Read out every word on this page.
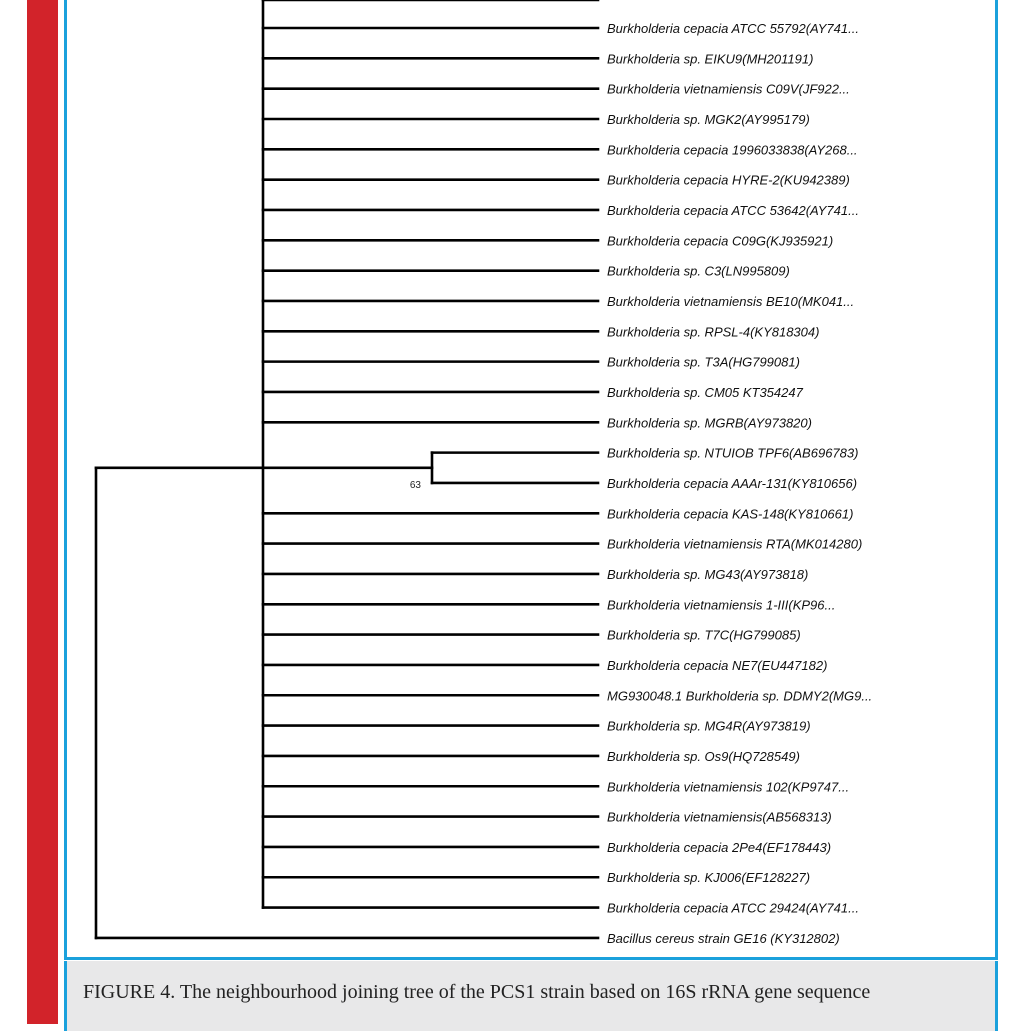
Burkholderia cepacia ATCC 55792(AY741...
Burkholderia sp. EIKU9(MH201191)
Burkholderia vietnamiensis C09V(JF922...
Burkholderia sp. MGK2(AY995179)
Burkholderia cepacia 1996033838(AY268...
Burkholderia cepacia HYRE-2(KU942389)
Burkholderia cepacia ATCC 53642(AY741...
Burkholderia cepacia C09G(KJ935921)
Burkholderia sp. C3(LN995809)
Burkholderia vietnamiensis BE10(MK041...
Burkholderia sp. RPSL-4(KY818304)
Burkholderia sp. T3A(HG799081)
Burkholderia sp. CM05 KT354247
Burkholderia sp. MGRB(AY973820)
Burkholderia sp. NTUIOB TPF6(AB696783)
Burkholderia cepacia AAAr-131(KY810656)
Burkholderia cepacia KAS-148(KY810661)
Burkholderia vietnamiensis RTA(MK014280)
Burkholderia sp. MG43(AY973818)
Burkholderia vietnamiensis 1-III(KP96...
Burkholderia sp. T7C(HG799085)
Burkholderia cepacia NE7(EU447182)
MG930048.1 Burkholderia sp. DDMY2(MG9...
Burkholderia sp. MG4R(AY973819)
Burkholderia sp. Os9(HQ728549)
Burkholderia vietnamiensis 102(KP9747...
Burkholderia vietnamiensis(AB568313)
Burkholderia cepacia 2Pe4(EF178443)
Burkholderia sp. KJ006(EF128227)
Burkholderia cepacia ATCC 29424(AY741...
63
Bacillus cereus strain GE16 (KY312802)
FIGURE 4. The neighbourhood joining tree of the PCS1 strain based on 16S rRNA gene sequence
